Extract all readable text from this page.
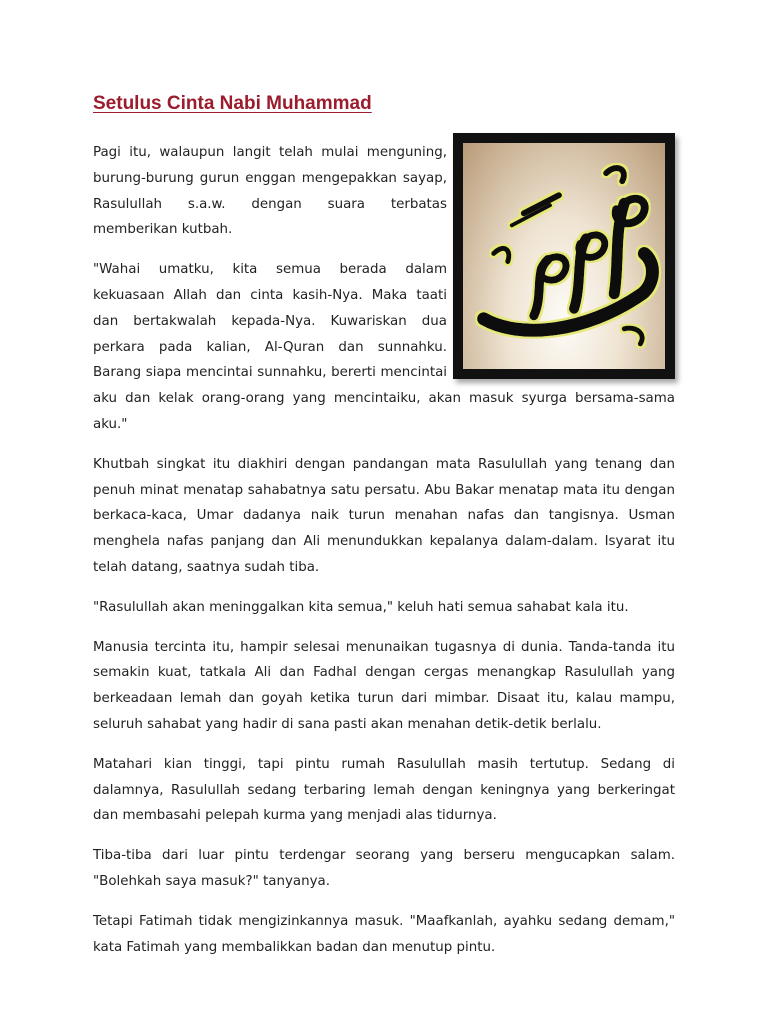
Setulus Cinta Nabi Muhammad

Pagi itu, walaupun langit telah mulai menguning, burung-burung gurun enggan mengepakkan sayap, Rasulullah s.a.w. dengan suara terbatas memberikan kutbah.

"Wahai umatku, kita semua berada dalam kekuasaan Allah dan cinta kasih-Nya. Maka taati dan bertakwalah kepada-Nya. Kuwariskan dua perkara pada kalian, Al-Quran dan sunnahku. Barang siapa mencintai sunnahku, bererti mencintai aku dan kelak orang-orang yang mencintaiku, akan masuk syurga bersama-sama aku."

Khutbah singkat itu diakhiri dengan pandangan mata Rasulullah yang tenang dan penuh minat menatap sahabatnya satu persatu. Abu Bakar menatap mata itu dengan berkaca-kaca, Umar dadanya naik turun menahan nafas dan tangisnya. Usman menghela nafas panjang dan Ali menundukkan kepalanya dalam-dalam. Isyarat itu telah datang, saatnya sudah tiba.

"Rasulullah akan meninggalkan kita semua," keluh hati semua sahabat kala itu.

Manusia tercinta itu, hampir selesai menunaikan tugasnya di dunia. Tanda-tanda itu semakin kuat, tatkala Ali dan Fadhal dengan cergas menangkap Rasulullah yang berkeadaan lemah dan goyah ketika turun dari mimbar. Disaat itu, kalau mampu, seluruh sahabat yang hadir di sana pasti akan menahan detik-detik berlalu.

Matahari kian tinggi, tapi pintu rumah Rasulullah masih tertutup. Sedang di dalamnya, Rasulullah sedang terbaring lemah dengan keningnya yang berkeringat dan membasahi pelepah kurma yang menjadi alas tidurnya.

Tiba-tiba dari luar pintu terdengar seorang yang berseru mengucapkan salam. "Bolehkah saya masuk?" tanyanya.

Tetapi Fatimah tidak mengizinkannya masuk. "Maafkanlah, ayahku sedang demam," kata Fatimah yang membalikkan badan dan menutup pintu.
